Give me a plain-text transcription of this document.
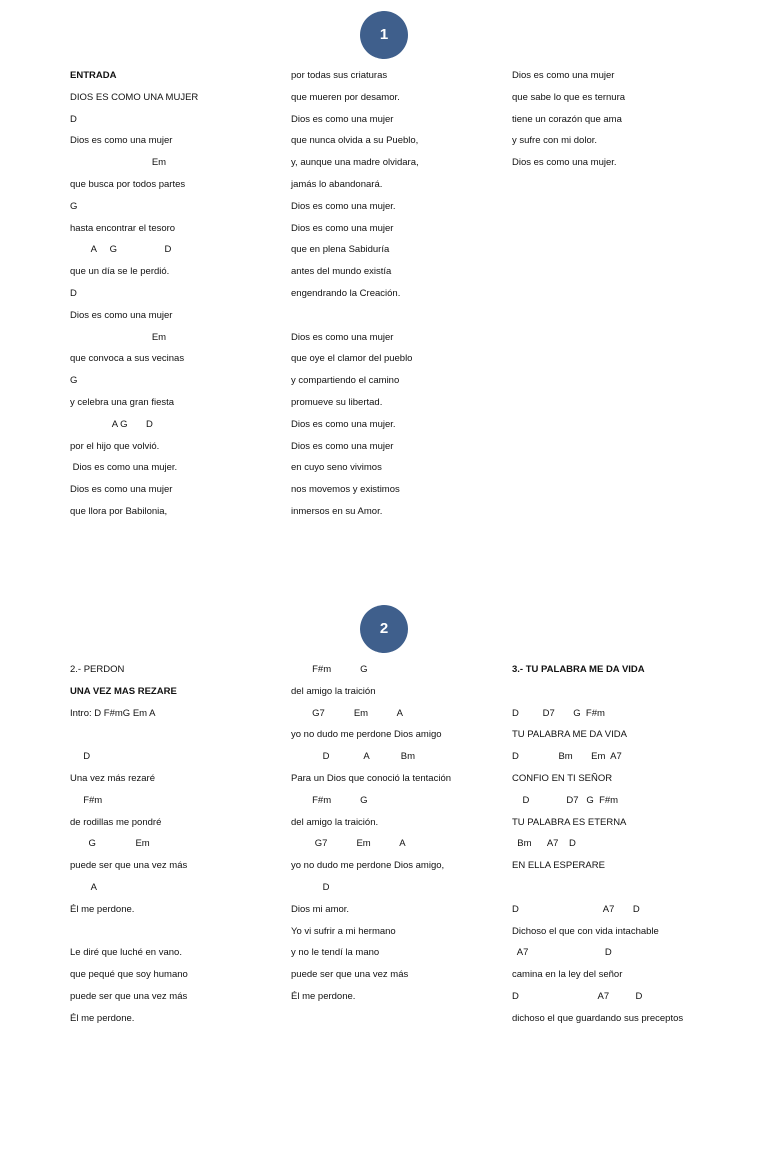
1
ENTRADA
DIOS ES COMO UNA MUJER
D
Dios es como una mujer
Em
que busca por todos partes
G
hasta encontrar el tesoro
A     G                  D
que un día se le perdió.
D
Dios es como una mujer
Em
que convoca a sus vecinas
G
y celebra una gran fiesta
A G       D
por el hijo que volvió.
Dios es como una mujer.
Dios es como una mujer
que llora por Babilonia,
por todas sus criaturas
que mueren por desamor.
Dios es como una mujer
que nunca olvida a su Pueblo,
y, aunque una madre olvidara,
jamás lo abandonará.
Dios es como una mujer.
Dios es como una mujer
que en plena Sabiduría
antes del mundo existía
engendrando la Creación.
Dios es como una mujer
que oye el clamor del pueblo
y compartiendo el camino
promueve su libertad.
Dios es como una mujer.
Dios es como una mujer
en cuyo seno vivimos
nos movemos y existimos
inmersos en su Amor.
Dios es como una mujer
que sabe lo que es ternura
tiene un corazón que ama
y sufre con mi dolor.
Dios es como una mujer.
2
2.- PERDON
UNA VEZ MAS REZARE
Intro: D F#mG Em A
D
Una vez más rezaré
F#m
de rodillas me pondré
G               Em
puede ser que una vez más
A
Él me perdone.
Le diré que luché en vano.
que pequé que soy humano
puede ser que una vez más
Él me perdone.
F#m           G
del amigo la traición
G7           Em           A
yo no dudo me perdone Dios amigo
D             A            Bm
Para un Dios que conoció la tentación
F#m           G
del amigo la traición.
G7           Em           A
yo no dudo me perdone Dios amigo,
D
Dios mi amor.
Yo vi sufrir a mi hermano
y no le tendí la mano
puede ser que una vez más
Él me perdone.
3.- TU PALABRA ME DA VIDA
D         D7       G  F#m
TU PALABRA ME DA VIDA
D               Bm       Em  A7
CONFIO EN TI SEÑOR
D              D7   G  F#m
TU PALABRA ES ETERNA
Bm      A7    D
EN ELLA ESPERARE
D                                A7       D
Dichoso el que con vida intachable
A7                             D
camina en la ley del señor
D                              A7          D
dichoso el que guardando sus preceptos
